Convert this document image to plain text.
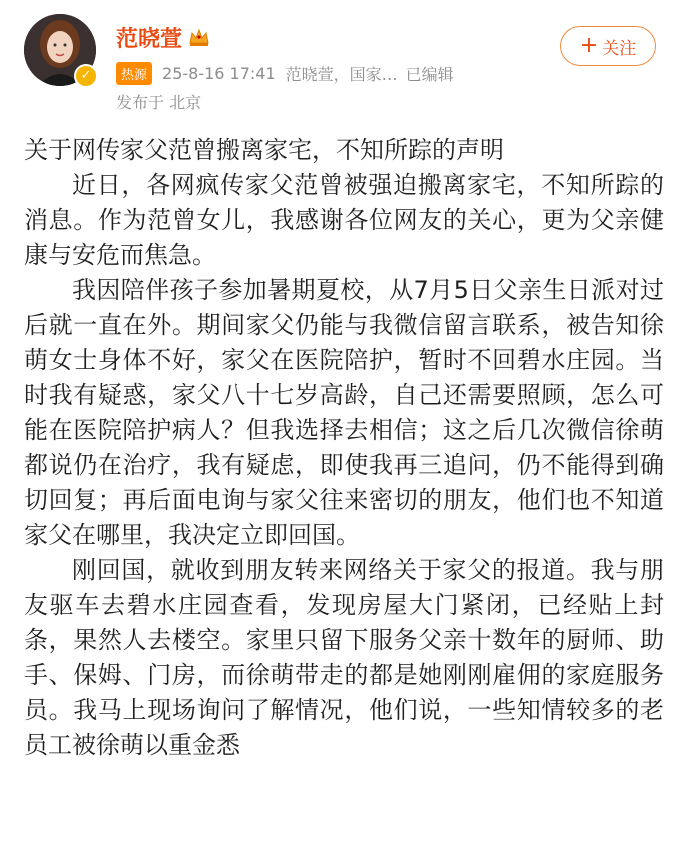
✓
范晓萱
热源 25-8-16 17:41 范晓萱，国家… 已编辑
发布于 北京
+ 关注

关于网传家父范曾搬离家宅，不知所踪的声明

近日，各网疯传家父范曾被强迫搬离家宅，不知所踪的消息。作为范曾女儿，我感谢各位网友的关心，更为父亲健康与安危而焦急。

我因陪伴孩子参加暑期夏校，从7月5日父亲生日派对过后就一直在外。期间家父仍能与我微信留言联系，被告知徐萌女士身体不好，家父在医院陪护，暂时不回碧水庄园。当时我有疑惑，家父八十七岁高龄，自己还需要照顾，怎么可能在医院陪护病人？但我选择去相信；这之后几次微信徐萌都说仍在治疗，我有疑虑，即使我再三追问，仍不能得到确切回复；再后面电询与家父往来密切的朋友，他们也不知道家父在哪里，我决定立即回国。

刚回国，就收到朋友转来网络关于家父的报道。我与朋友驱车去碧水庄园查看，发现房屋大门紧闭，已经贴上封条，果然人去楼空。家里只留下服务父亲十数年的厨师、助手、保姆、门房，而徐萌带走的都是她刚刚雇佣的家庭服务员。我马上现场询问了解情况，他们说，一些知情较多的老员工被徐萌以重金悉
